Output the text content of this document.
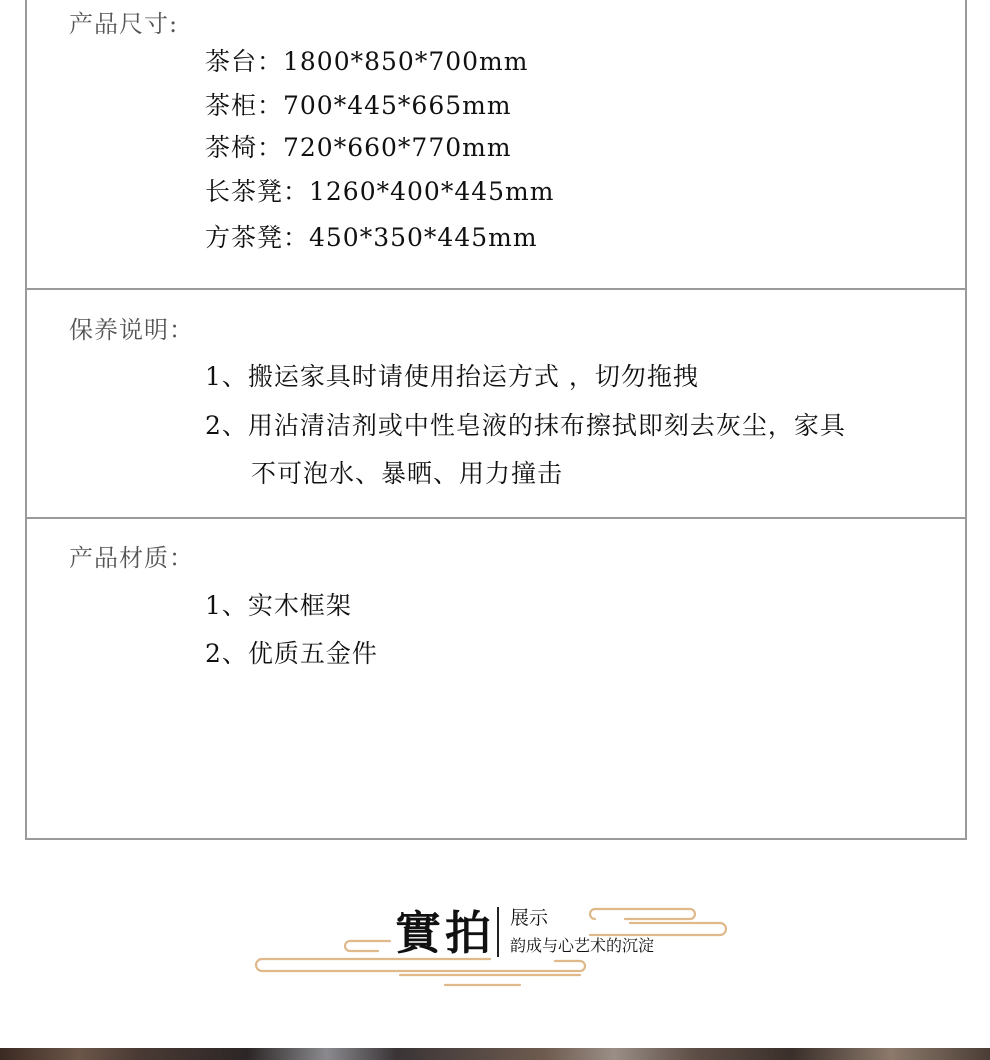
产品尺寸:
茶台：1800*850*700mm
茶柜：700*445*665mm
茶椅：720*660*770mm
长茶凳：1260*400*445mm
方茶凳：450*350*445mm
保养说明：
1、搬运家具时请使用抬运方式 ，切勿拖拽
2、用沾清洁剂或中性皂液的抹布擦拭即刻去灰尘，家具
不可泡水、暴晒、用力撞击
产品材质：
1、实木框架
2、优质五金件
實拍 展示
韵成与心艺术的沉淀
